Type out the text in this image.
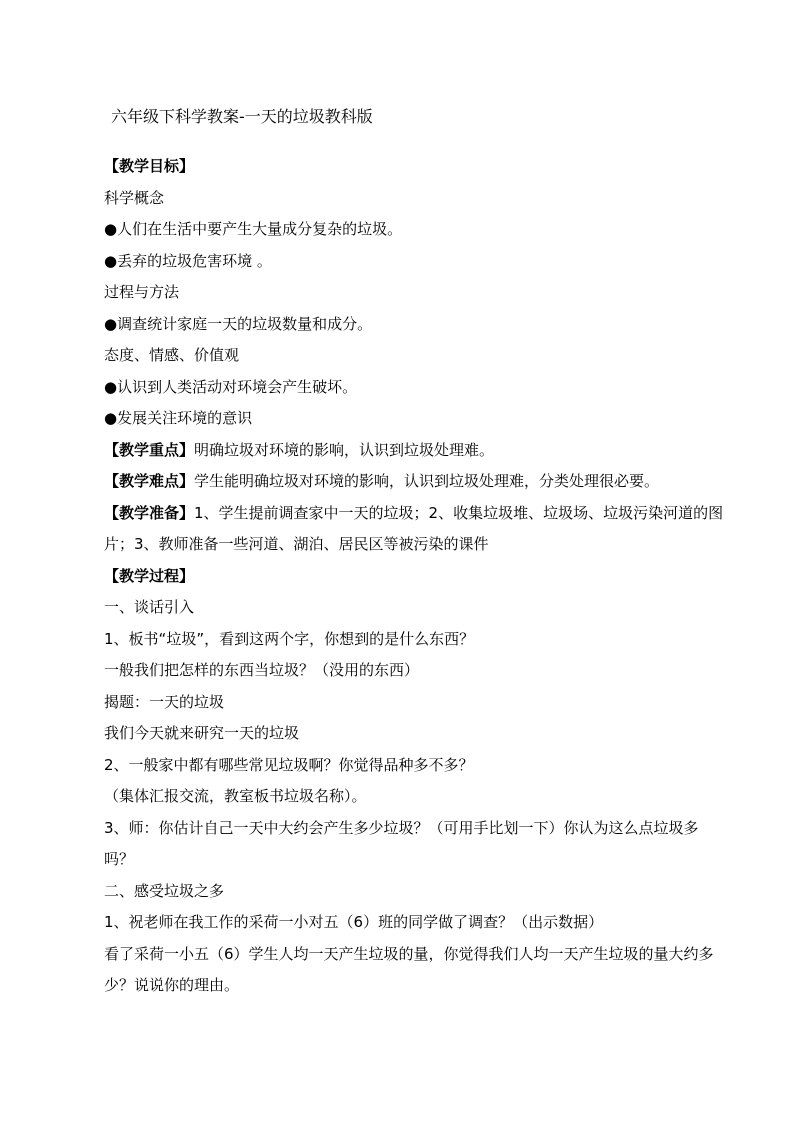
六年级下科学教案-一天的垃圾教科版
【教学目标】
科学概念
●人们在生活中要产生大量成分复杂的垃圾。
●丢弃的垃圾危害环境 。
过程与方法
●调查统计家庭一天的垃圾数量和成分。
态度、情感、价值观
●认识到人类活动对环境会产生破坏。
●发展关注环境的意识
【教学重点】明确垃圾对环境的影响，认识到垃圾处理难。
【教学难点】学生能明确垃圾对环境的影响，认识到垃圾处理难，分类处理很必要。
【教学准备】1、学生提前调查家中一天的垃圾；2、收集垃圾堆、垃圾场、垃圾污染河道的图片；3、教师准备一些河道、湖泊、居民区等被污染的课件
【教学过程】
一、谈话引入
1、板书“垃圾”，看到这两个字，你想到的是什么东西？
一般我们把怎样的东西当垃圾？（没用的东西）
揭题：一天的垃圾
我们今天就来研究一天的垃圾
2、一般家中都有哪些常见垃圾啊？你觉得品种多不多？
（集体汇报交流，教室板书垃圾名称）。
3、师：你估计自己一天中大约会产生多少垃圾？（可用手比划一下）你认为这么点垃圾多吗？
二、感受垃圾之多
1、祝老师在我工作的采荷一小对五（6）班的同学做了调查？（出示数据）
看了采荷一小五（6）学生人均一天产生垃圾的量，你觉得我们人均一天产生垃圾的量大约多少？说说你的理由。
